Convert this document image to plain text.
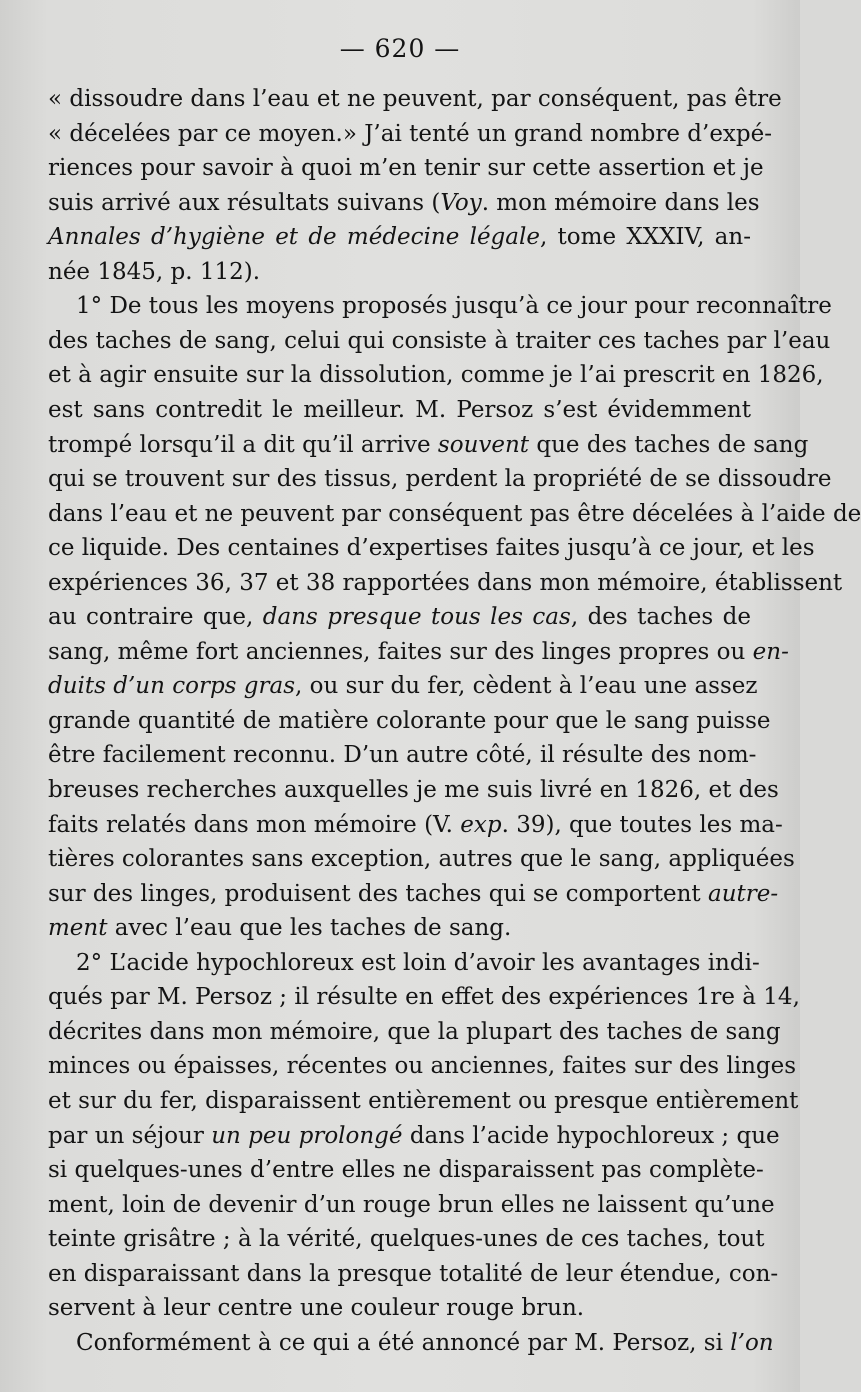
— 620 —
« dissoudre dans l’eau et ne peuvent, par conséquent, pas être
« décelées par ce moyen.» J’ai tenté un grand nombre d’expé-
riences pour savoir à quoi m’en tenir sur cette assertion et je
suis arrivé aux résultats suivans (Voy. mon mémoire dans les
Annales d’hygiène et de médecine légale, tome XXXIV, an-
née 1845, p. 112).
1° De tous les moyens proposés jusqu’à ce jour pour reconnaître
des taches de sang, celui qui consiste à traiter ces taches par l’eau
et à agir ensuite sur la dissolution, comme je l’ai prescrit en 1826,
est sans contredit le meilleur. M. Persoz s’est évidemment
trompé lorsqu’il a dit qu’il arrive souvent que des taches de sang
qui se trouvent sur des tissus, perdent la propriété de se dissoudre
dans l’eau et ne peuvent par conséquent pas être décelées à l’aide de
ce liquide. Des centaines d’expertises faites jusqu’à ce jour, et les
expériences 36, 37 et 38 rapportées dans mon mémoire, établissent
au contraire que, dans presque tous les cas, des taches de
sang, même fort anciennes, faites sur des linges propres ou en-
duits d’un corps gras, ou sur du fer, cèdent à l’eau une assez
grande quantité de matière colorante pour que le sang puisse
être facilement reconnu. D’un autre côté, il résulte des nom-
breuses recherches auxquelles je me suis livré en 1826, et des
faits relatés dans mon mémoire (V. exp. 39), que toutes les ma-
tières colorantes sans exception, autres que le sang, appliquées
sur des linges, produisent des taches qui se comportent autre-
ment avec l’eau que les taches de sang.
2° L’acide hypochloreux est loin d’avoir les avantages indi-
qués par M. Persoz ; il résulte en effet des expériences 1re à 14,
décrites dans mon mémoire, que la plupart des taches de sang
minces ou épaisses, récentes ou anciennes, faites sur des linges
et sur du fer, disparaissent entièrement ou presque entièrement
par un séjour un peu prolongé dans l’acide hypochloreux ; que
si quelques-unes d’entre elles ne disparaissent pas complète-
ment, loin de devenir d’un rouge brun elles ne laissent qu’une
teinte grisâtre ; à la vérité, quelques-unes de ces taches, tout
en disparaissant dans la presque totalité de leur étendue, con-
servent à leur centre une couleur rouge brun.
Conformément à ce qui a été annoncé par M. Persoz, si l’on
